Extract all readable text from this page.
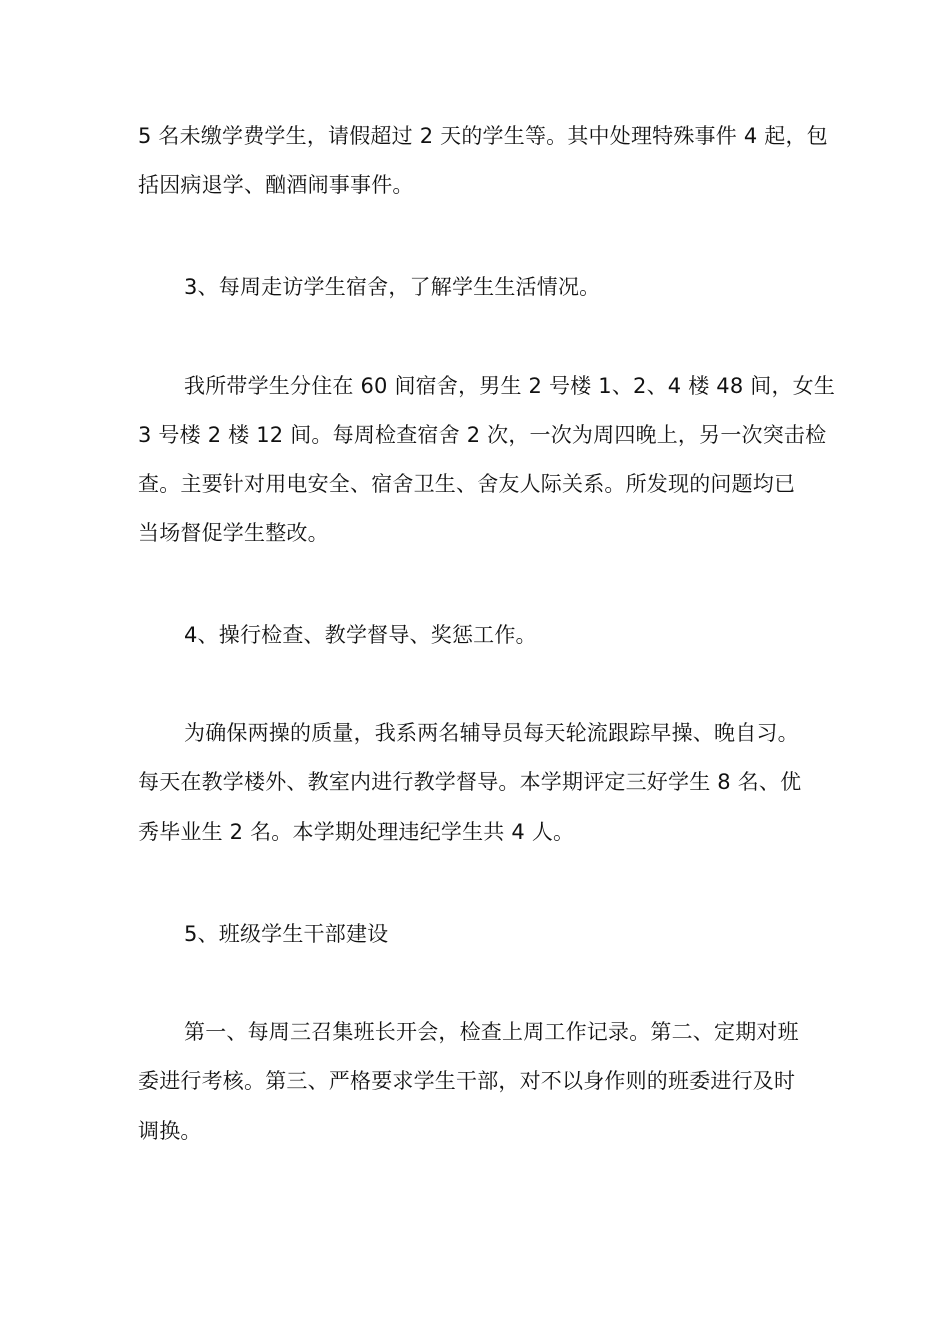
5 名未缴学费学生，请假超过 2 天的学生等。其中处理特殊事件 4 起，包
括因病退学、酗酒闹事事件。
3、每周走访学生宿舍，了解学生生活情况。
我所带学生分住在 60 间宿舍，男生 2 号楼 1、2、4 楼 48 间，女生
3 号楼 2 楼 12 间。每周检查宿舍 2 次，一次为周四晚上，另一次突击检
查。主要针对用电安全、宿舍卫生、舍友人际关系。所发现的问题均已
当场督促学生整改。
4、操行检查、教学督导、奖惩工作。
为确保两操的质量，我系两名辅导员每天轮流跟踪早操、晚自习。
每天在教学楼外、教室内进行教学督导。本学期评定三好学生 8 名、优
秀毕业生 2 名。本学期处理违纪学生共 4 人。
5、班级学生干部建设
第一、每周三召集班长开会，检查上周工作记录。第二、定期对班
委进行考核。第三、严格要求学生干部，对不以身作则的班委进行及时
调换。
